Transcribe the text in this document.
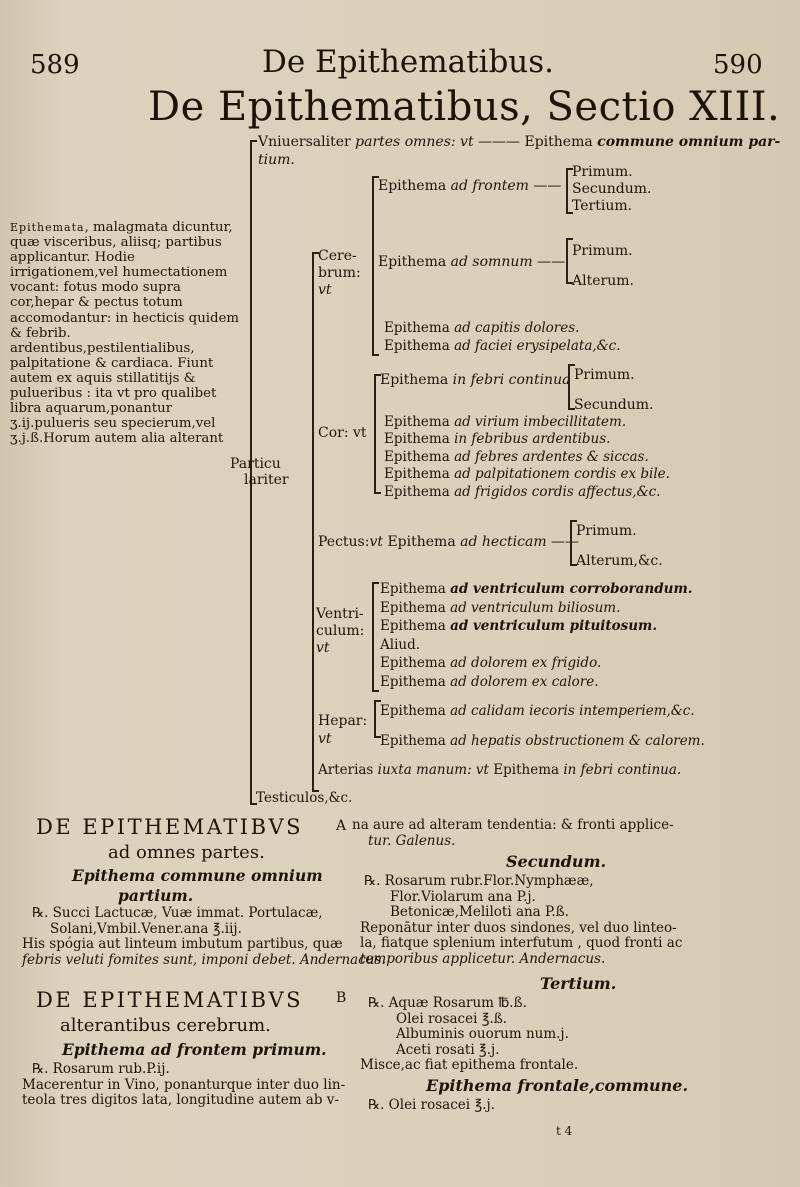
589	De Epithematibus.	590
De Epithematibus, Sectio XIII.
Epithemata, malagmata dicuntur, quæ visceribus, aliisq; partibus applicantur. Hodie irrigationem,vel humectationem vocant: fotus modo supra cor,hepar & pectus totum accomodantur: in hecticis quidem & febrib. ardentibus,pestilentialibus, palpitatione & cardiaca. Fiunt autem ex aquis stillatitijs & pulueribus : ita vt pro qualibet libra aquarum,ponantur ʒ.ij.pulueris seu specierum,vel ʒ.j.ß.Horum autem alia alterant
Particu
lariter
Vniuersaliter partes omnes: vt ——— Epithema commune omnium par-
tium.
Cere-
brum:
vt
Epithema ad frontem ——
Primum.
Secundum.
Tertium.
Epithema ad somnum ——
Primum.
Alterum.
Epithema ad capitis dolores.
Epithema ad faciei erysipelata,&c.
Cor: vt
Epithema in febri continua Primum.
Secundum.
Epithema ad virium imbecillitatem.
Epithema in febribus ardentibus.
Epithema ad febres ardentes & siccas.
Epithema ad palpitationem cordis ex bile.
Epithema ad frigidos cordis affectus,&c.
Pectus:vt Epithema ad hecticam ——
Primum.
Alterum,&c.
Ventri-
culum:
vt
Epithema ad ventriculum corroborandum.
Epithema ad ventriculum biliosum.
Epithema ad ventriculum pituitosum.
Aliud.
Epithema ad dolorem ex frigido.
Epithema ad dolorem ex calore.
Hepar:
vt
Epithema ad calidam iecoris intemperiem,&c.
Epithema ad hepatis obstructionem & calorem.
Arterias iuxta manum: vt Epithema in febri continua.
Testiculos,&c.
DE EPITHEMATIBVS
ad omnes partes.
Epithema commune omnium
partium.
℞. Succi Lactucæ, Vuæ immat. Portulacæ,
Solani,Vmbil.Vener.ana ℥.iij.
His spógia aut linteum imbutum partibus, quæ
febris veluti fomites sunt, imponi debet. Andernacus.
DE EPITHEMATIBVS
alterantibus cerebrum.
Epithema ad frontem primum.
℞. Rosarum rub.P.ij.
Macerentur in Vino, ponanturque inter duo lin-
teola tres digitos lata, longitudine autem ab v-
A
B
na aure ad alteram tendentia: & fronti applice-
tur. Galenus.
Secundum.
℞. Rosarum rubr.Flor.Nymphææ,
Flor.Violarum ana P.j.
Betonicæ,Meliloti ana P.ß.
Reponātur inter duos sindones, vel duo linteo-
la, fiatque splenium interfutum , quod fronti ac
temporibus applicetur. Andernacus.
Tertium.
℞. Aquæ Rosarum ℔.ß.
Olei rosacei ℥.ß.
Albuminis ouorum num.j.
Aceti rosati ℥.j.
Misce,ac fiat epithema frontale.
Epithema frontale,commune.
℞. Olei rosacei ℥.j.
t 4
